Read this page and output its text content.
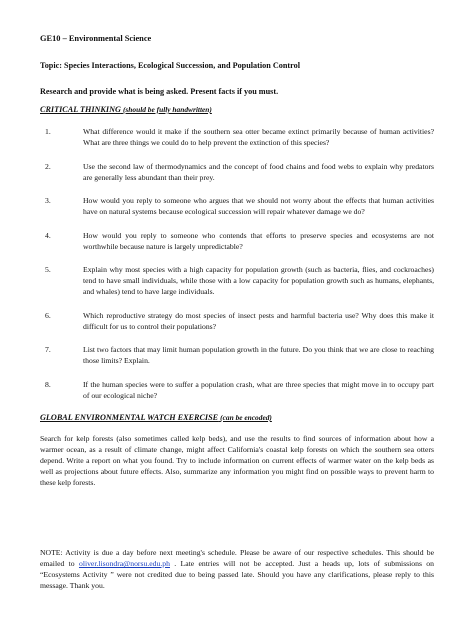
GE10 – Environmental Science

Topic: Species Interactions, Ecological Succession, and Population Control

Research and provide what is being asked. Present facts if you must.

CRITICAL THINKING (should be fully handwritten)

1.	What difference would it make if the southern sea otter became extinct primarily because of human activities? What are three things we could do to help prevent the extinction of this species?
2.	Use the second law of thermodynamics and the concept of food chains and food webs to explain why predators are generally less abundant than their prey.
3.	How would you reply to someone who argues that we should not worry about the effects that human activities have on natural systems because ecological succession will repair whatever damage we do?
4.	How would you reply to someone who contends that efforts to preserve species and ecosystems are not worthwhile because nature is largely unpredictable?
5.	Explain why most species with a high capacity for population growth (such as bacteria, flies, and cockroaches) tend to have small individuals, while those with a low capacity for population growth such as humans, elephants, and whales) tend to have large individuals.
6.	Which reproductive strategy do most species of insect pests and harmful bacteria use? Why does this make it difficult for us to control their populations?
7.	List two factors that may limit human population growth in the future. Do you think that we are close to reaching those limits? Explain.
8.	If the human species were to suffer a population crash, what are three species that might move in to occupy part of our ecological niche?

GLOBAL ENVIRONMENTAL WATCH EXERCISE (can be encoded)

Search for kelp forests (also sometimes called kelp beds), and use the results to find sources of information about how a warmer ocean, as a result of climate change, might affect California's coastal kelp forests on which the southern sea otters depend. Write a report on what you found. Try to include information on current effects of warmer water on the kelp beds as well as projections about future effects. Also, summarize any information you might find on possible ways to prevent harm to these kelp forests.

NOTE: Activity is due a day before next meeting's schedule. Please be aware of our respective schedules. This should be emailed to oliver.lisondra@norsu.edu.ph . Late entries will not be accepted. Just a heads up, lots of submissions on “Ecosystems Activity ” were not credited due to being passed late. Should you have any clarifications, please reply to this message. Thank you.
